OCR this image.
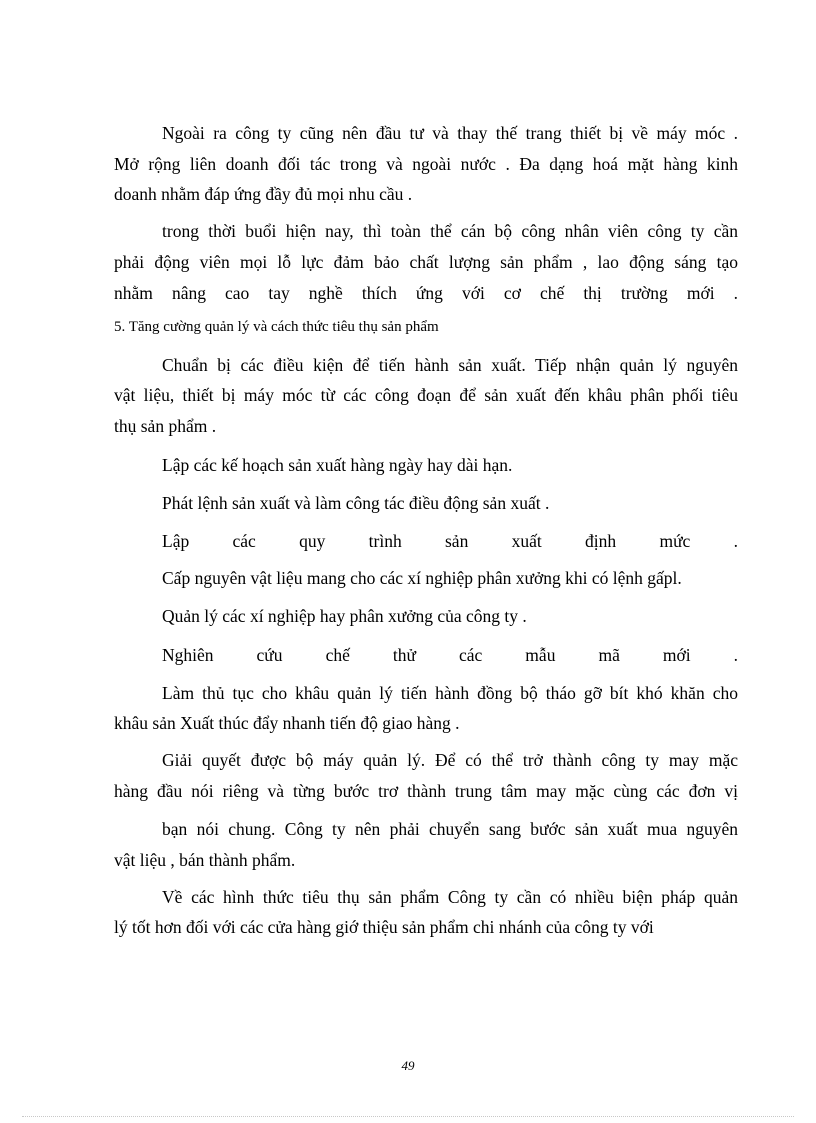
Ngoài ra công ty cũng nên đầu tư và thay thế trang thiết bị về máy móc .
Mở rộng liên doanh đối tác trong và ngoài nước . Đa dạng hoá mặt hàng kinh
doanh nhằm đáp ứng đầy đủ mọi nhu cầu .
trong thời buổi hiện nay, thì toàn thể cán bộ công nhân viên công ty cần
phải động viên mọi lỗ lực đảm bảo chất lượng sản phẩm , lao động sáng tạo
nhằm nâng cao tay nghề thích ứng với cơ chế thị trường mới .
5. Tăng cường quản lý và cách thức tiêu thụ sản phẩm
Chuẩn bị các điều kiện để tiến hành sản xuất. Tiếp nhận quản lý nguyên
vật liệu, thiết bị máy móc từ các công đoạn để sản xuất đến khâu phân phối tiêu
thụ sản phẩm .
Lập các kế hoạch sản xuất hàng ngày hay dài hạn.
Phát lệnh sản xuất và làm công tác điều động sản xuất .
Lập các quy trình sản xuất định mức .
Cấp nguyên vật liệu mang cho các xí nghiệp phân xưởng khi có lệnh gấpl.
Quản lý các xí nghiệp hay phân xưởng của công ty .
Nghiên cứu chế thử các mẫu mã mới .
Làm thủ tục cho khâu quản lý tiến hành đồng bộ tháo gỡ bít khó khăn cho
khâu sản Xuất thúc đẩy nhanh tiến độ giao hàng .
Giải quyết được bộ máy quản lý. Để có thể trở thành công ty may mặc
hàng đầu nói riêng và từng bước trơ thành trung tâm may mặc cùng các đơn vị
bạn nói chung. Công ty nên phải chuyển sang bước sản xuất mua nguyên
vật liệu , bán thành phẩm.
Về các hình thức tiêu thụ sản phẩm Công ty cần có nhiều biện pháp quản
lý tốt hơn đối với các cửa hàng giớ thiệu sản phẩm chi nhánh của công ty với
49
